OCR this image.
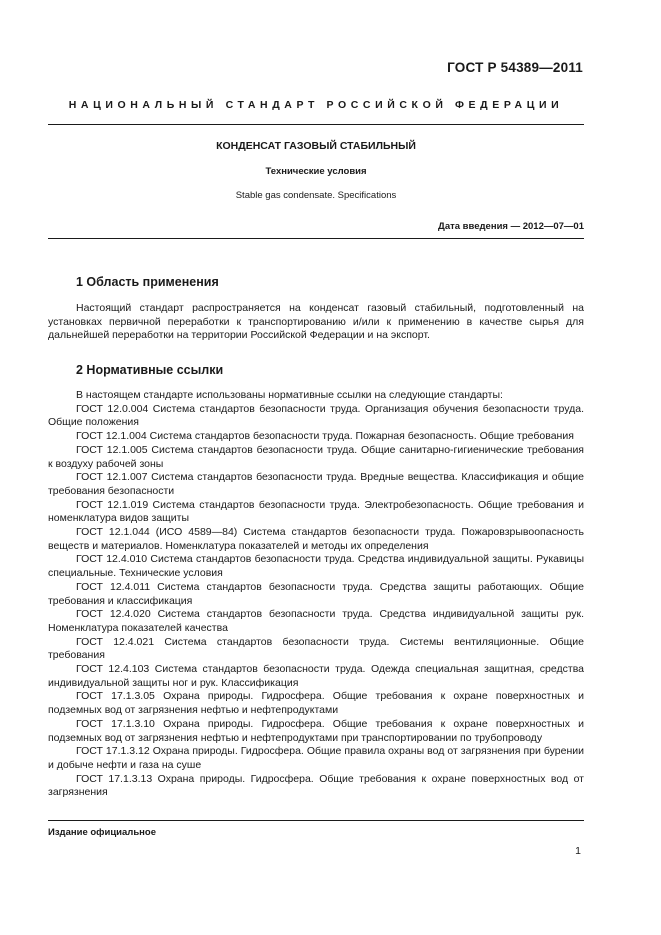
ГОСТ Р 54389—2011
НАЦИОНАЛЬНЫЙ СТАНДАРТ РОССИЙСКОЙ ФЕДЕРАЦИИ
КОНДЕНСАТ ГАЗОВЫЙ СТАБИЛЬНЫЙ
Технические условия
Stable gas condensate. Specifications
Дата введения — 2012—07—01
1 Область применения

Настоящий стандарт распространяется на конденсат газовый стабильный, подготовленный на установках первичной переработки к транспортированию и/или к применению в качестве сырья для дальнейшей переработки на территории Российской Федерации и на экспорт.

2 Нормативные ссылки

В настоящем стандарте использованы нормативные ссылки на следующие стандарты:

ГОСТ 12.0.004 Система стандартов безопасности труда. Организация обучения безопасности труда. Общие положения

ГОСТ 12.1.004 Система стандартов безопасности труда. Пожарная безопасность. Общие требования

ГОСТ 12.1.005 Система стандартов безопасности труда. Общие санитарно-гигиенические требования к воздуху рабочей зоны

ГОСТ 12.1.007 Система стандартов безопасности труда. Вредные вещества. Классификация и общие требования безопасности

ГОСТ 12.1.019 Система стандартов безопасности труда. Электробезопасность. Общие требования и номенклатура видов защиты

ГОСТ 12.1.044 (ИСО 4589—84) Система стандартов безопасности труда. Пожаровзрывоопасность веществ и материалов. Номенклатура показателей и методы их определения

ГОСТ 12.4.010 Система стандартов безопасности труда. Средства индивидуальной защиты. Рукавицы специальные. Технические условия

ГОСТ 12.4.011 Система стандартов безопасности труда. Средства защиты работающих. Общие требования и классификация

ГОСТ 12.4.020 Система стандартов безопасности труда. Средства индивидуальной защиты рук. Номенклатура показателей качества

ГОСТ 12.4.021 Система стандартов безопасности труда. Системы вентиляционные. Общие требования

ГОСТ 12.4.103 Система стандартов безопасности труда. Одежда специальная защитная, средства индивидуальной защиты ног и рук. Классификация

ГОСТ 17.1.3.05 Охрана природы. Гидросфера. Общие требования к охране поверхностных и подземных вод от загрязнения нефтью и нефтепродуктами

ГОСТ 17.1.3.10 Охрана природы. Гидросфера. Общие требования к охране поверхностных и подземных вод от загрязнения нефтью и нефтепродуктами при транспортировании по трубопроводу

ГОСТ 17.1.3.12 Охрана природы. Гидросфера. Общие правила охраны вод от загрязнения при бурении и добыче нефти и газа на суше

ГОСТ 17.1.3.13 Охрана природы. Гидросфера. Общие требования к охране поверхностных вод от загрязнения

Издание официальное
1
